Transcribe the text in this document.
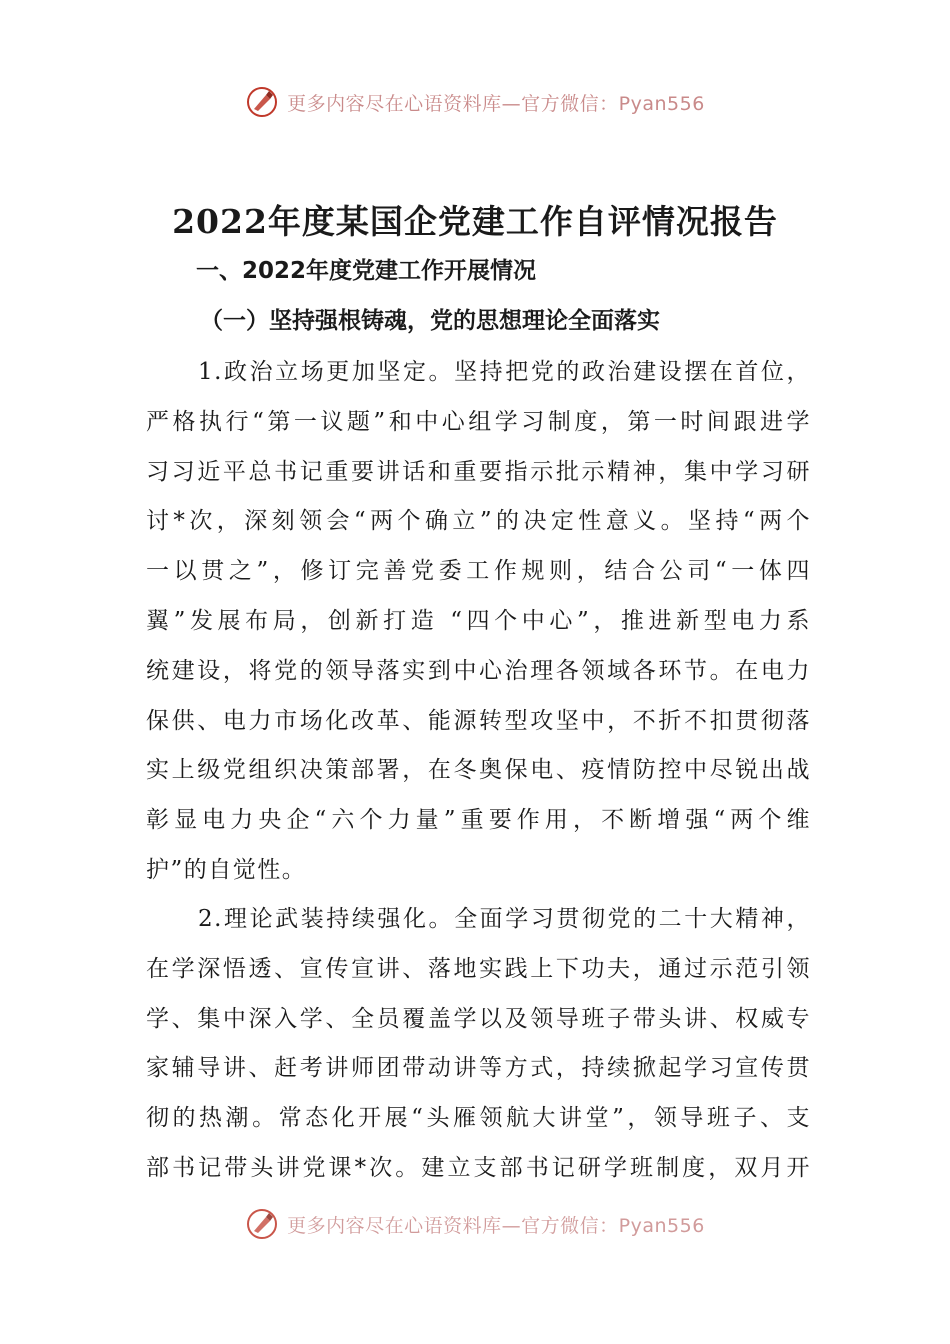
更多内容尽在心语资料库—官方微信：Pyan556
2022年度某国企党建工作自评情况报告
一、2022年度党建工作开展情况
（一）坚持强根铸魂，党的思想理论全面落实
1.政治立场更加坚定。坚持把党的政治建设摆在首位，
严格执行“第一议题”和中心组学习制度，第一时间跟进学
习习近平总书记重要讲话和重要指示批示精神，集中学习研
讨*次，深刻领会“两个确立”的决定性意义。坚持“两个
一以贯之”，修订完善党委工作规则，结合公司“一体四
翼”发展布局，创新打造 “四个中心”，推进新型电力系
统建设，将党的领导落实到中心治理各领域各环节。在电力
保供、电力市场化改革、能源转型攻坚中，不折不扣贯彻落
实上级党组织决策部署，在冬奥保电、疫情防控中尽锐出战
彰显电力央企“六个力量”重要作用，不断增强“两个维
护”的自觉性。
2.理论武装持续强化。全面学习贯彻党的二十大精神，
在学深悟透、宣传宣讲、落地实践上下功夫，通过示范引领
学、集中深入学、全员覆盖学以及领导班子带头讲、权威专
家辅导讲、赶考讲师团带动讲等方式，持续掀起学习宣传贯
彻的热潮。常态化开展“头雁领航大讲堂”，领导班子、支
部书记带头讲党课*次。建立支部书记研学班制度，双月开
更多内容尽在心语资料库—官方微信：Pyan556
